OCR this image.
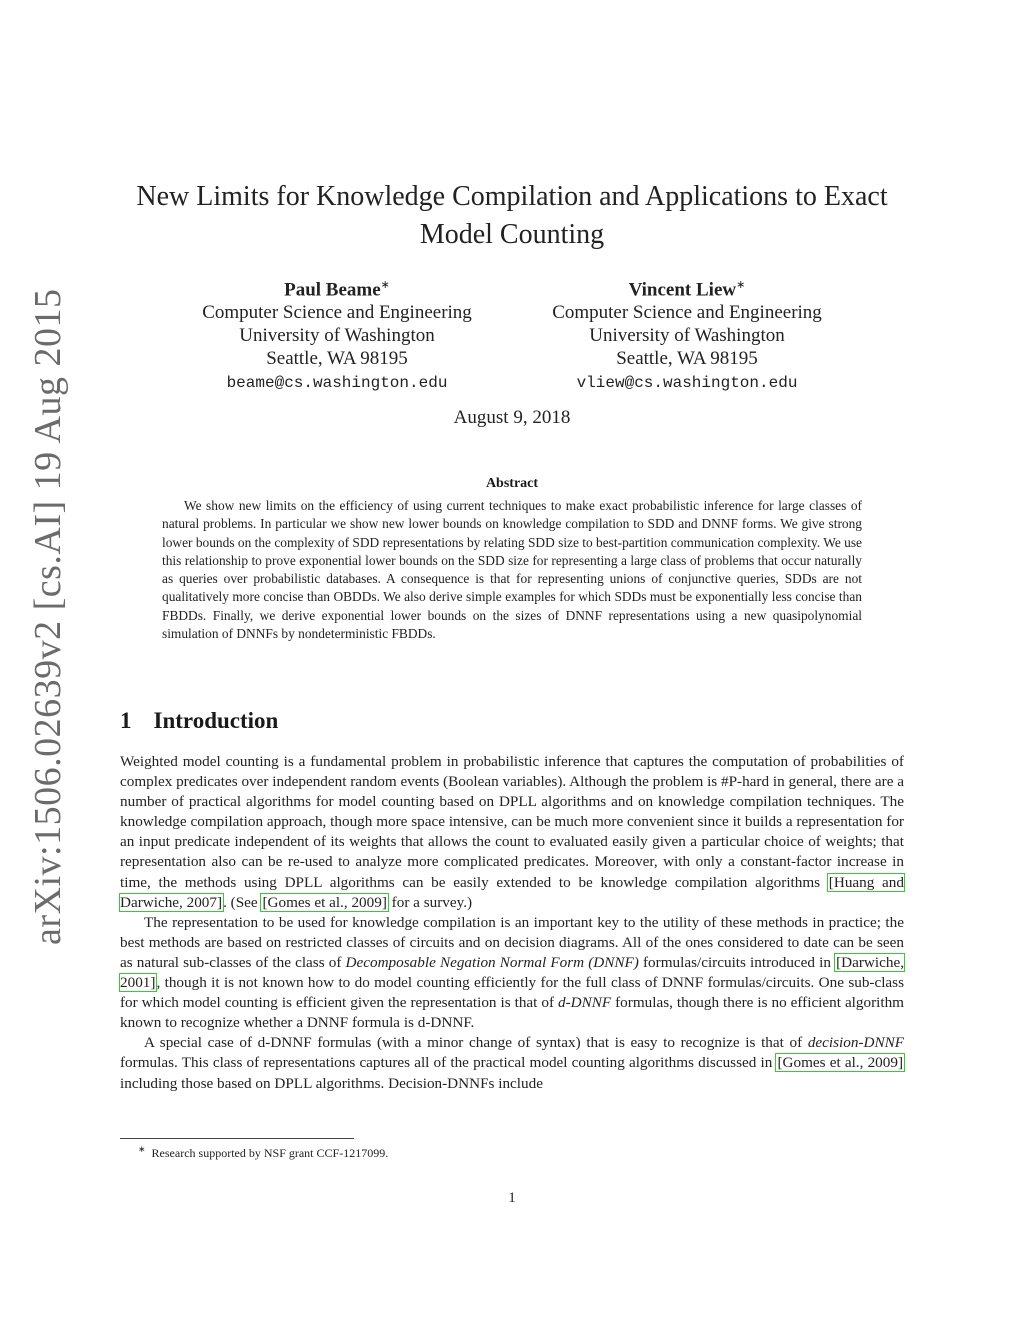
arXiv:1506.02639v2 [cs.AI] 19 Aug 2015
New Limits for Knowledge Compilation and Applications to Exact Model Counting
Paul Beame∗
Computer Science and Engineering
University of Washington
Seattle, WA 98195
beame@cs.washington.edu
Vincent Liew∗
Computer Science and Engineering
University of Washington
Seattle, WA 98195
vliew@cs.washington.edu
August 9, 2018
Abstract
We show new limits on the efficiency of using current techniques to make exact probabilistic inference for large classes of natural problems. In particular we show new lower bounds on knowledge compilation to SDD and DNNF forms. We give strong lower bounds on the complexity of SDD representations by relating SDD size to best-partition communication complexity. We use this relationship to prove exponential lower bounds on the SDD size for representing a large class of problems that occur naturally as queries over probabilistic databases. A consequence is that for representing unions of conjunctive queries, SDDs are not qualitatively more concise than OBDDs. We also derive simple examples for which SDDs must be exponentially less concise than FBDDs. Finally, we derive exponential lower bounds on the sizes of DNNF representations using a new quasipolynomial simulation of DNNFs by nondeterministic FBDDs.
1 Introduction

Weighted model counting is a fundamental problem in probabilistic inference that captures the computation of probabilities of complex predicates over independent random events (Boolean variables). Although the problem is #P-hard in general, there are a number of practical algorithms for model counting based on DPLL algorithms and on knowledge compilation techniques. The knowledge compilation approach, though more space intensive, can be much more convenient since it builds a representation for an input predicate independent of its weights that allows the count to evaluated easily given a particular choice of weights; that representation also can be re-used to analyze more complicated predicates. Moreover, with only a constant-factor increase in time, the methods using DPLL algorithms can be easily extended to be knowledge compilation algorithms [Huang and Darwiche, 2007]. (See [Gomes et al., 2009] for a survey.)

The representation to be used for knowledge compilation is an important key to the utility of these methods in practice; the best methods are based on restricted classes of circuits and on decision diagrams. All of the ones considered to date can be seen as natural sub-classes of the class of Decomposable Negation Normal Form (DNNF) formulas/circuits introduced in [Darwiche, 2001], though it is not known how to do model counting efficiently for the full class of DNNF formulas/circuits. One sub-class for which model counting is efficient given the representation is that of d-DNNF formulas, though there is no efficient algorithm known to recognize whether a DNNF formula is d-DNNF.

A special case of d-DNNF formulas (with a minor change of syntax) that is easy to recognize is that of decision-DNNF formulas. This class of representations captures all of the practical model counting algorithms discussed in [Gomes et al., 2009] including those based on DPLL algorithms. Decision-DNNFs include

∗ Research supported by NSF grant CCF-1217099.
1
